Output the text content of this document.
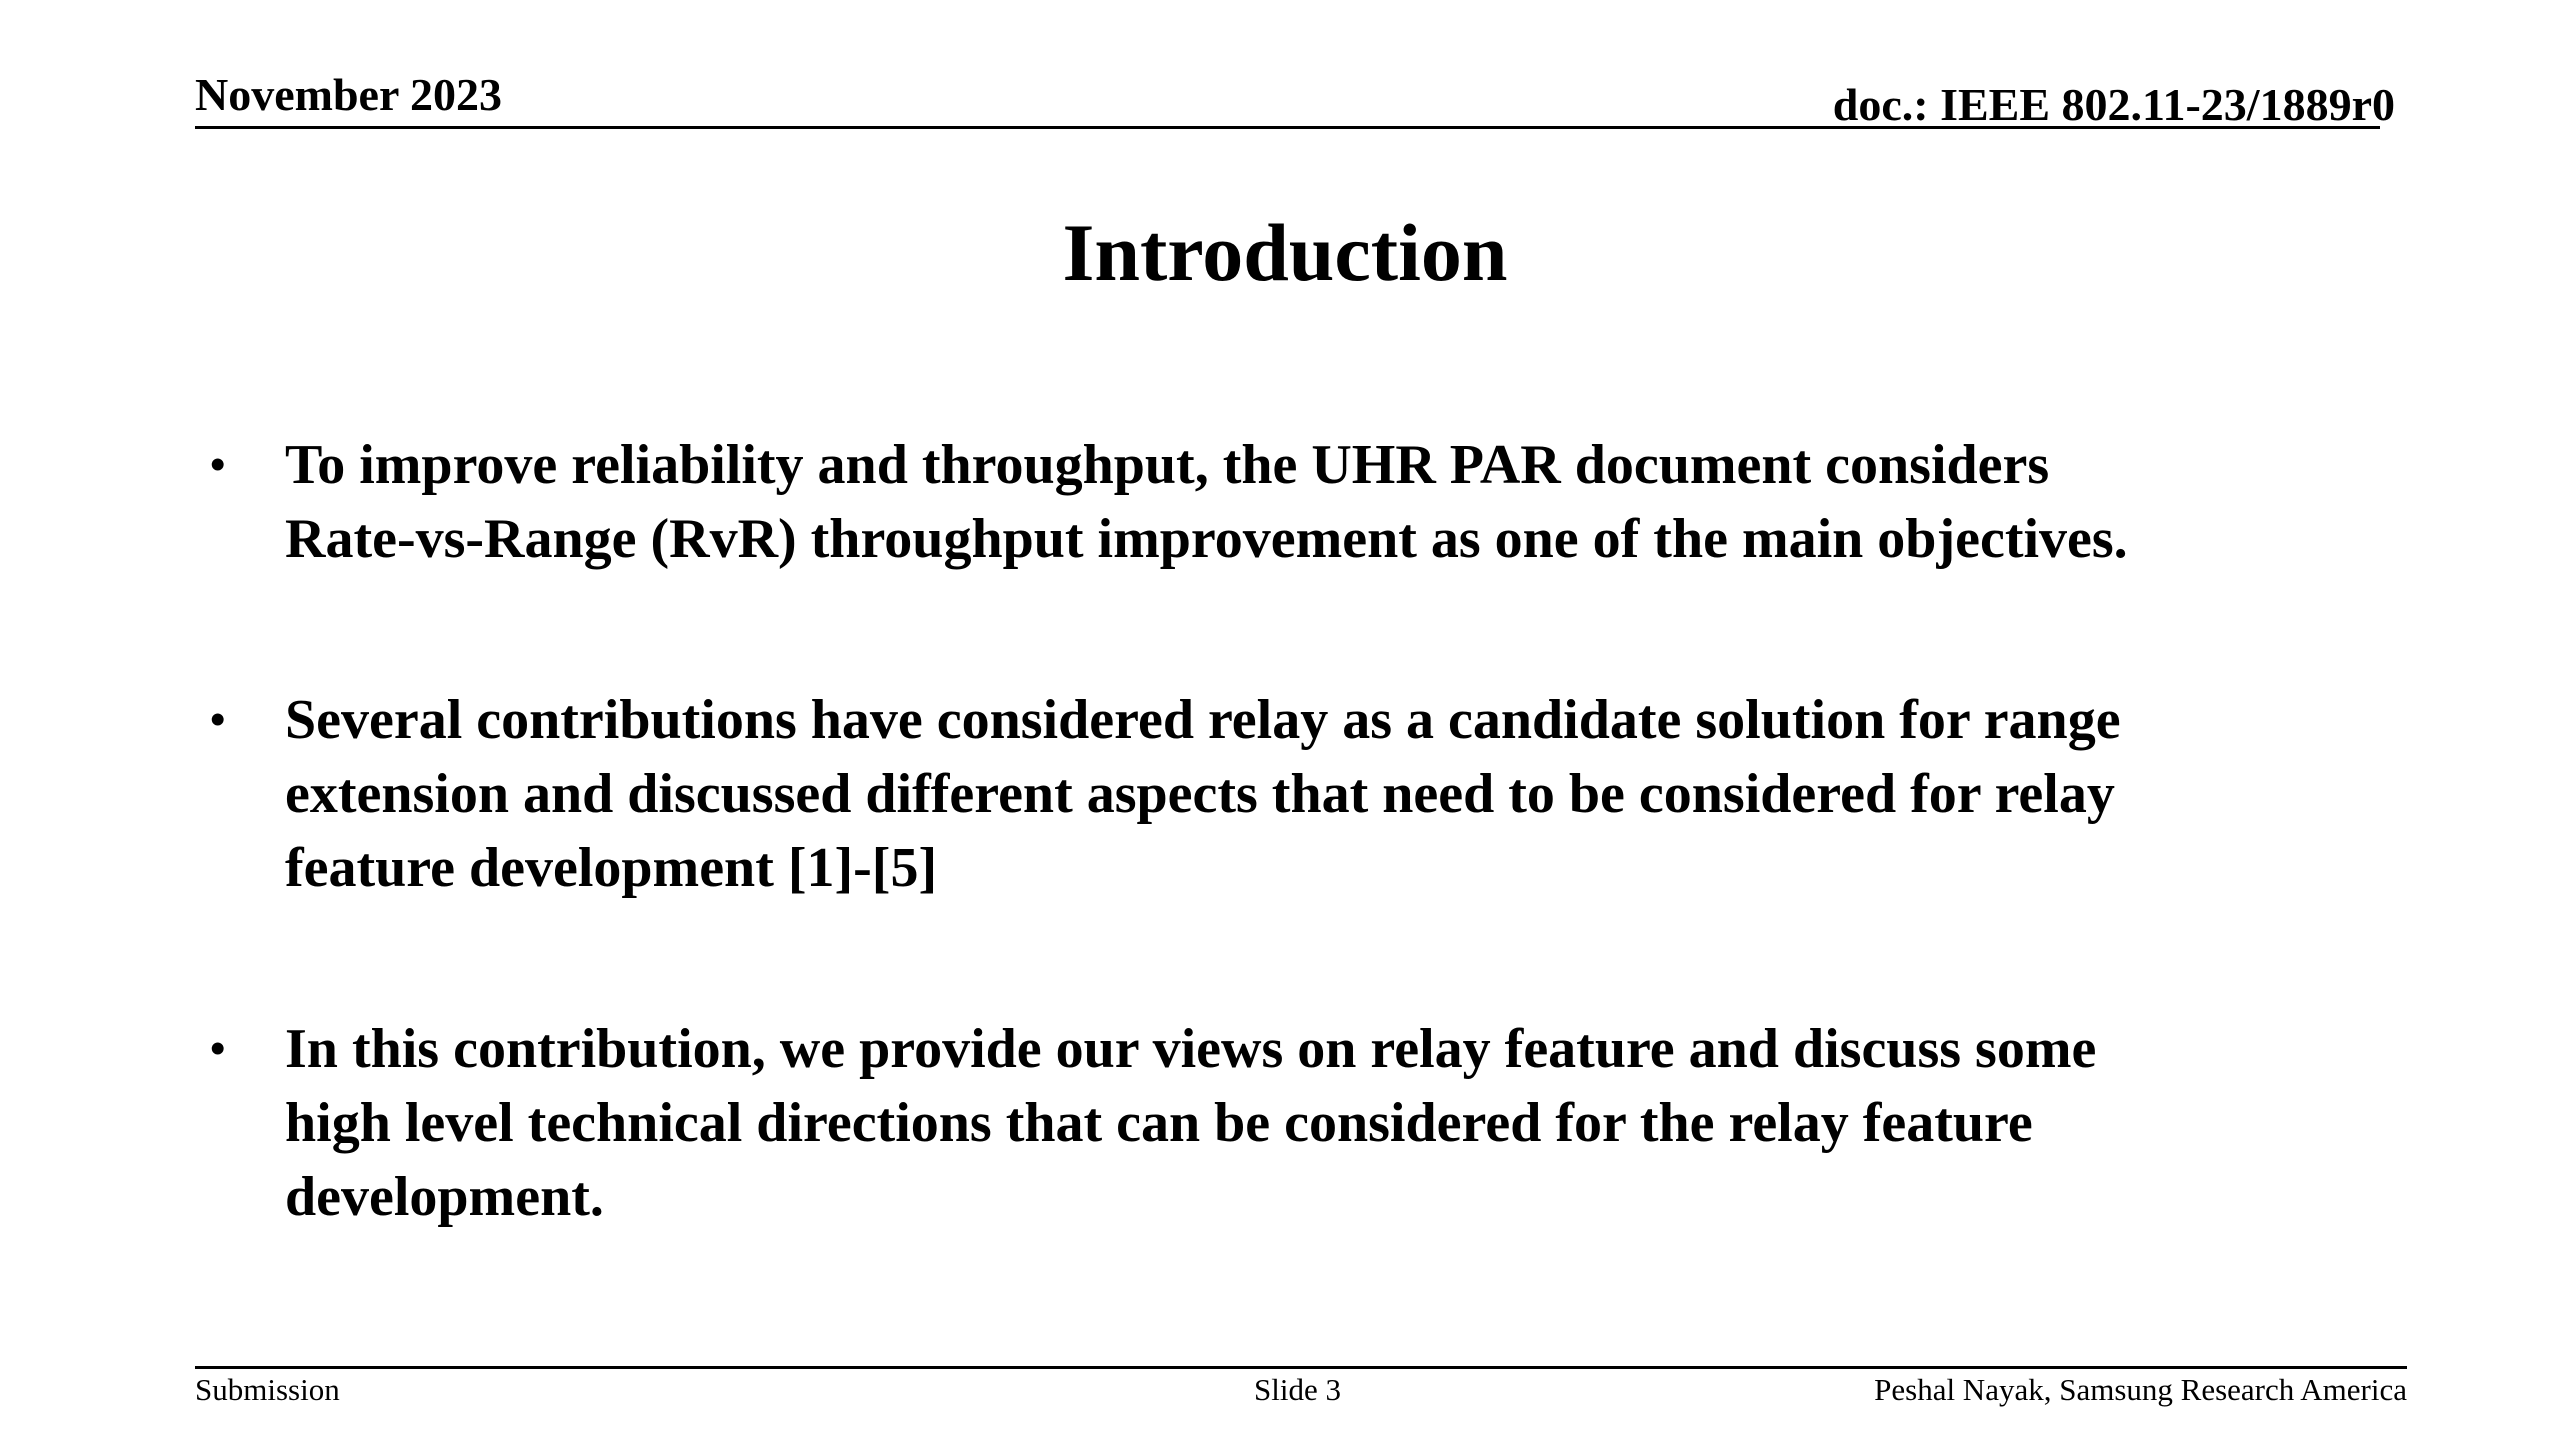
November 2023	doc.: IEEE 802.11-23/1889r0
Introduction
• To improve reliability and throughput, the UHR PAR document considers
Rate-vs-Range (RvR) throughput improvement as one of the main objectives.
• Several contributions have considered relay as a candidate solution for range
extension and discussed different aspects that need to be considered for relay
feature development [1]-[5]
• In this contribution, we provide our views on relay feature and discuss some
high level technical directions that can be considered for the relay feature
development.
Submission	Slide 3	Peshal Nayak, Samsung Research America
